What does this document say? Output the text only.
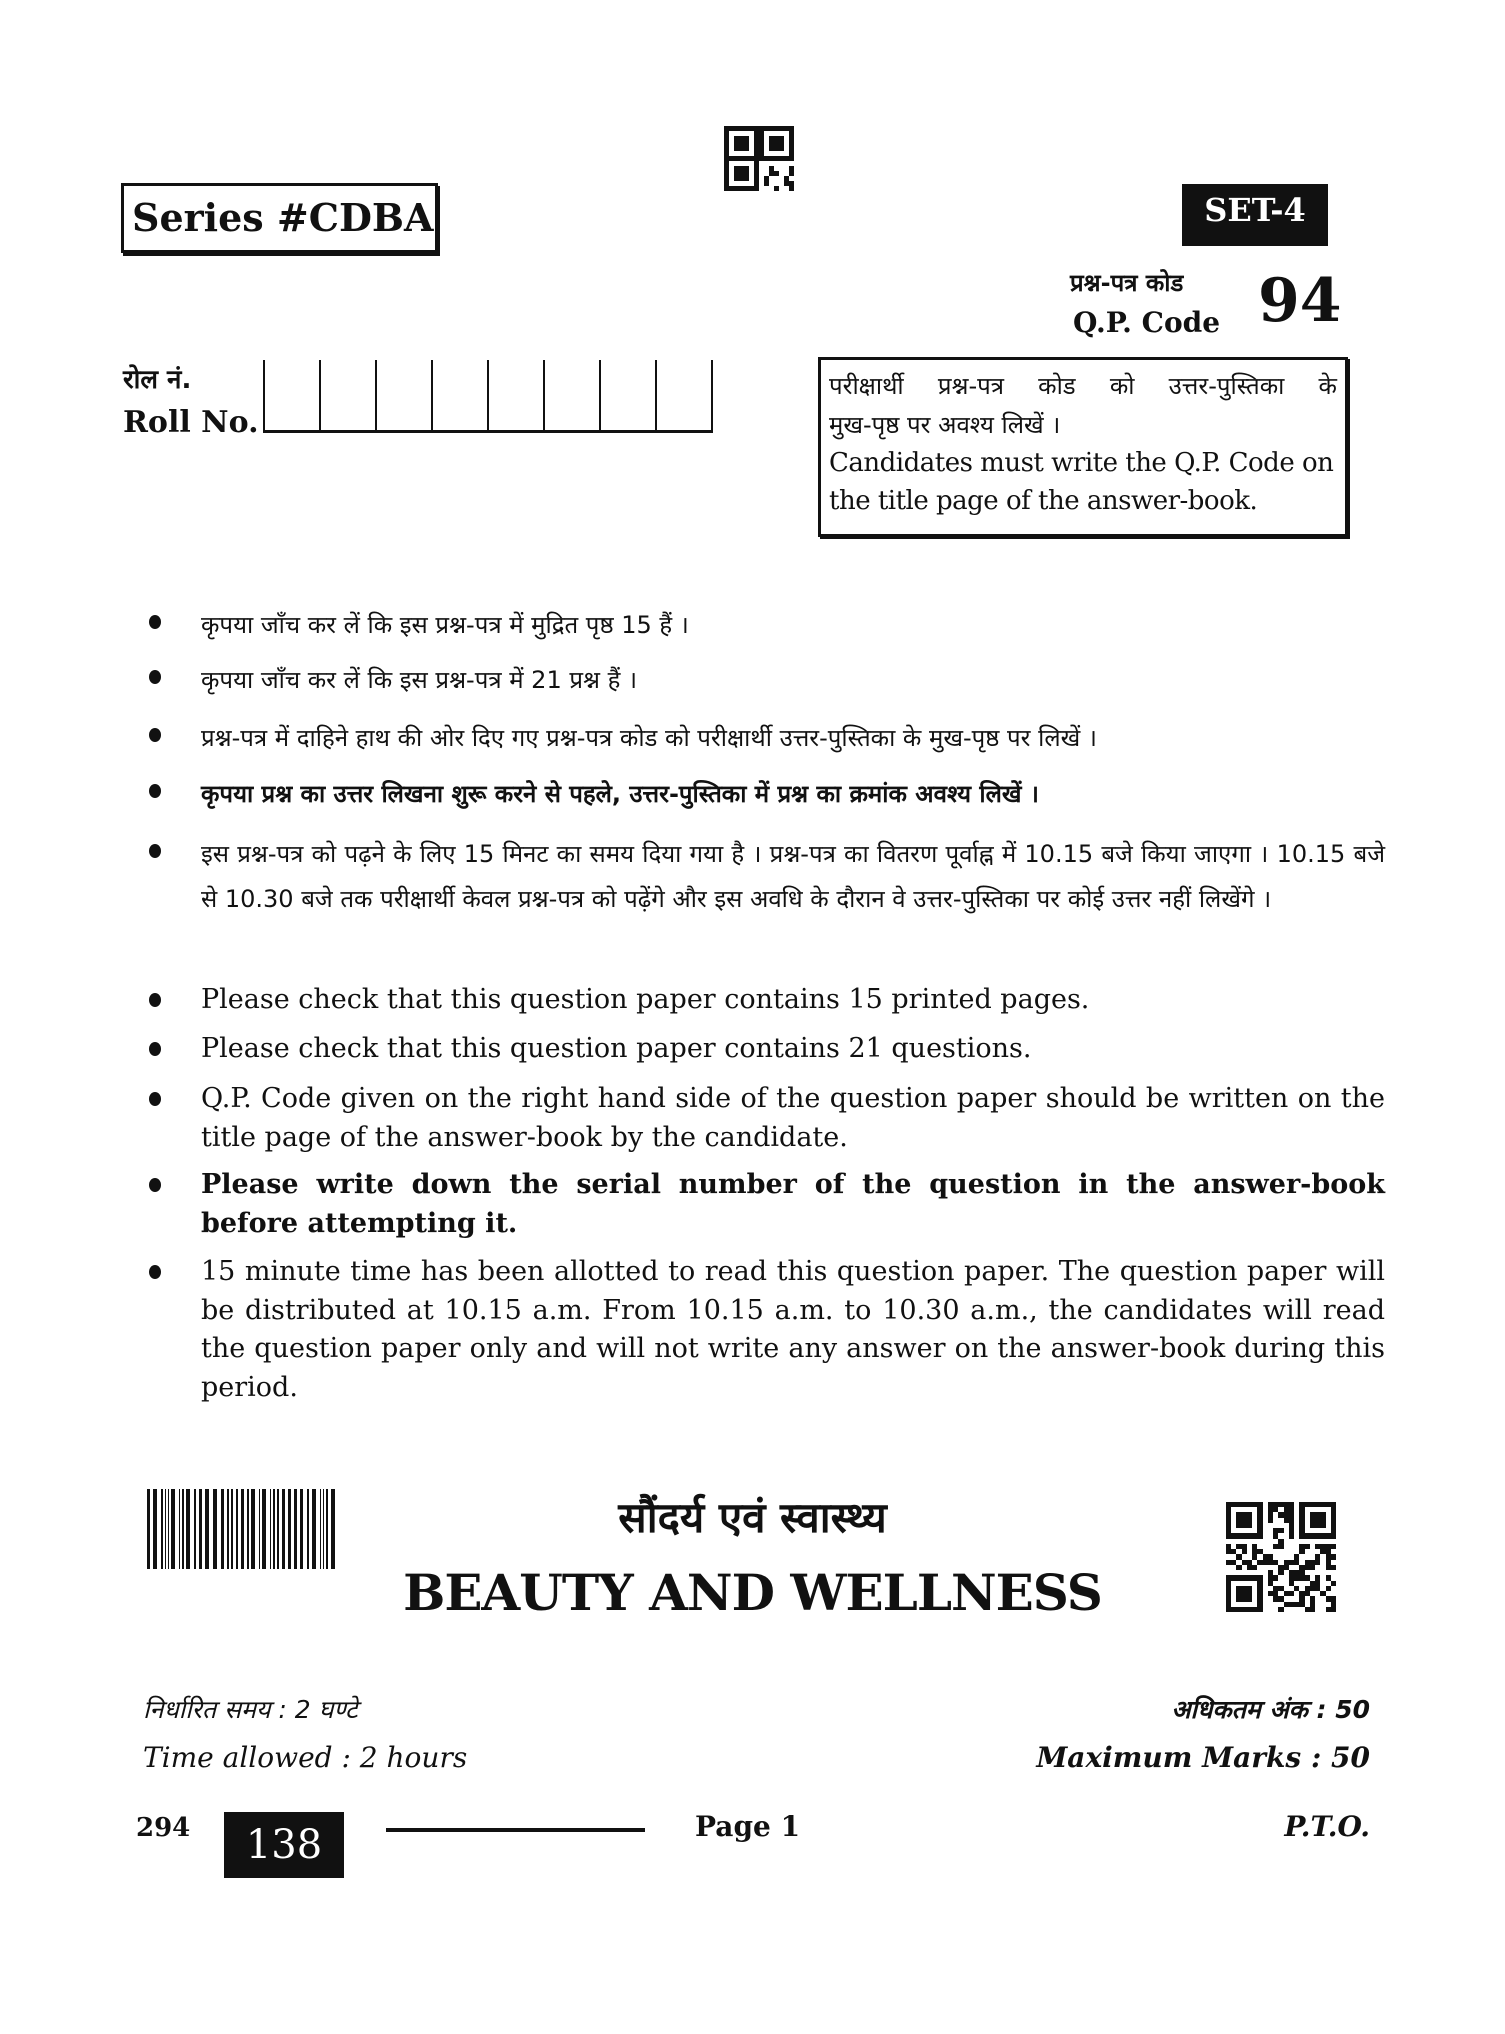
Series #CDBA	SET-4
प्रश्न-पत्र कोड
Q.P. Code 94
रोल नं.
Roll No.
परीक्षार्थी प्रश्न-पत्र कोड को उत्तर-पुस्तिका के
मुख-पृष्ठ पर अवश्य लिखें ।
Candidates must write the Q.P. Code on the title page of the answer-book.
कृपया जाँच कर लें कि इस प्रश्न-पत्र में मुद्रित पृष्ठ 15 हैं ।
कृपया जाँच कर लें कि इस प्रश्न-पत्र में 21 प्रश्न हैं ।
प्रश्न-पत्र में दाहिने हाथ की ओर दिए गए प्रश्न-पत्र कोड को परीक्षार्थी उत्तर-पुस्तिका के मुख-पृष्ठ पर लिखें ।
कृपया प्रश्न का उत्तर लिखना शुरू करने से पहले, उत्तर-पुस्तिका में प्रश्न का क्रमांक अवश्य लिखें ।
इस प्रश्न-पत्र को पढ़ने के लिए 15 मिनट का समय दिया गया है । प्रश्न-पत्र का वितरण पूर्वाह्न में 10.15 बजे किया जाएगा । 10.15 बजे से 10.30 बजे तक परीक्षार्थी केवल प्रश्न-पत्र को पढ़ेंगे और इस अवधि के दौरान वे उत्तर-पुस्तिका पर कोई उत्तर नहीं लिखेंगे ।
Please check that this question paper contains 15 printed pages.
Please check that this question paper contains 21 questions.
Q.P. Code given on the right hand side of the question paper should be written on the title page of the answer-book by the candidate.
Please write down the serial number of the question in the answer-book before attempting it.
15 minute time has been allotted to read this question paper. The question paper will be distributed at 10.15 a.m. From 10.15 a.m. to 10.30 a.m., the candidates will read the question paper only and will not write any answer on the answer-book during this period.
सौंदर्य एवं स्वास्थ्य
BEAUTY AND WELLNESS
निर्धारित समय : 2 घण्टे
Time allowed : 2 hours
अधिकतम अंक : 50
Maximum Marks : 50
294	138	Page 1	P.T.O.
